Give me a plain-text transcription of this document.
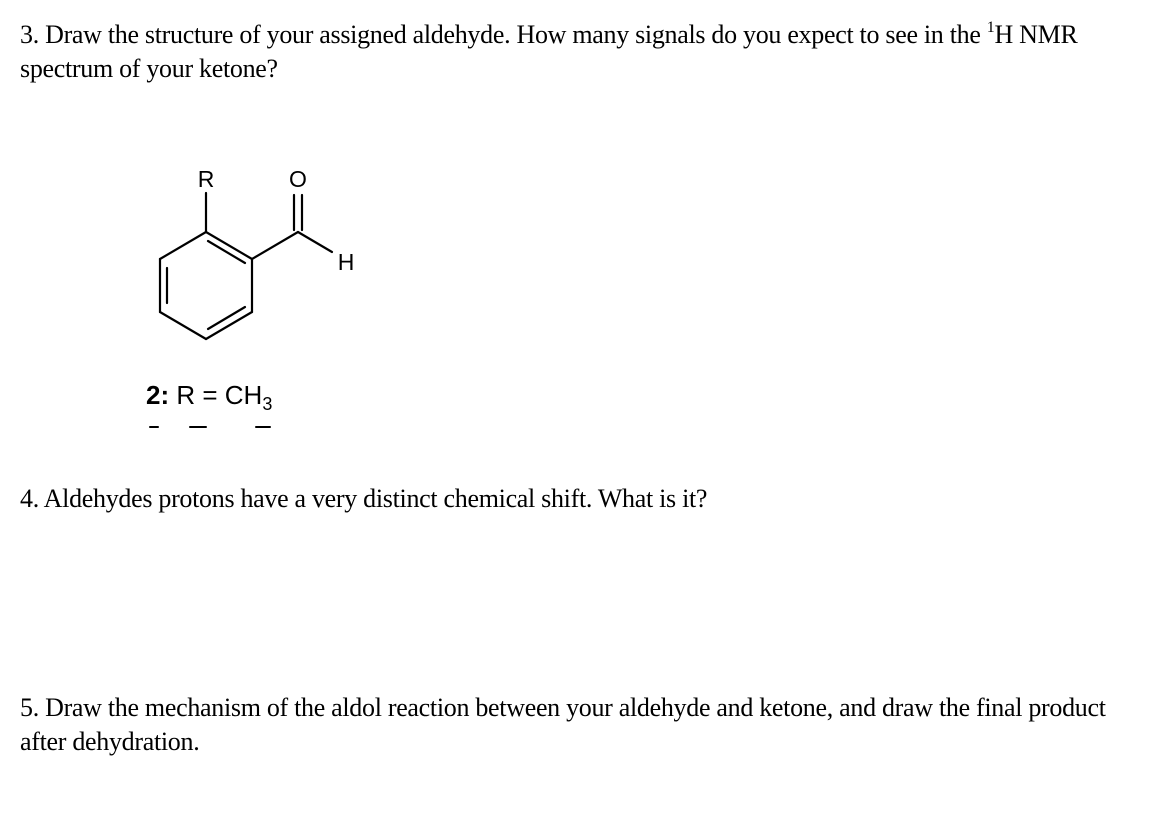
3. Draw the structure of your assigned aldehyde. How many signals do you expect to see in the $^1$H NMR spectrum of your ketone?

R	O
H

2: $R = CH_3$

4. Aldehydes protons have a very distinct chemical shift. What is it?

5. Draw the mechanism of the aldol reaction between your aldehyde and ketone, and draw the final product after dehydration.
